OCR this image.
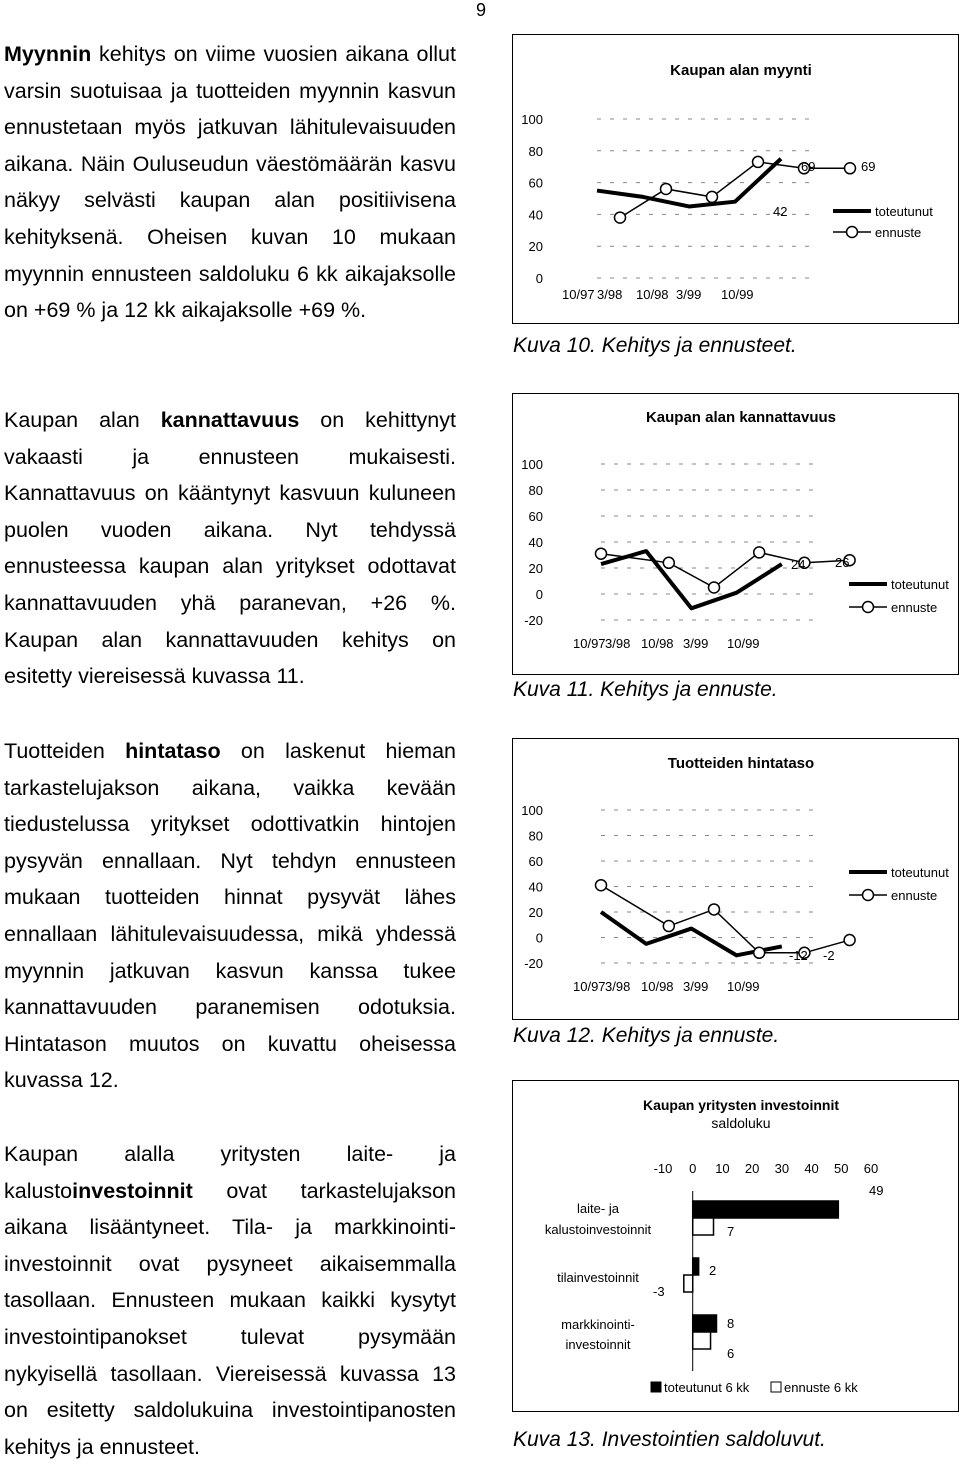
9

Myynnin kehitys on viime vuosien aikana ollut varsin suotuisaa ja tuotteiden myynnin kasvun ennustetaan myös jatkuvan lähitulevaisuuden aikana. Näin Ouluseudun väestömäärän kasvu näkyy selvästi kaupan alan positiivisena kehityksenä. Oheisen kuvan 10 mukaan myynnin ennusteen saldoluku 6 kk aikajaksolle on +69 % ja 12 kk aikajaksolle +69 %.

Kaupan alan kannattavuus on kehittynyt vakaasti ja ennusteen mukaisesti. Kannattavuus on kääntynyt kasvuun kuluneen puolen vuoden aikana. Nyt tehdyssä ennusteessa kaupan alan yritykset odottavat kannattavuuden yhä paranevan, +26 %. Kaupan alan kannattavuuden kehitys on esitetty viereisessä kuvassa 11.

Tuotteiden hintataso on laskenut hieman tarkastelujakson aikana, vaikka kevään tiedustelussa yritykset odottivatkin hintojen pysyvän ennallaan. Nyt tehdyn ennusteen mukaan tuotteiden hinnat pysyvät lähes ennallaan lähitulevaisuudessa, mikä yhdessä myynnin jatkuvan kasvun kanssa tukee kannattavuuden paranemisen odotuksia. Hintatason muutos on kuvattu oheisessa kuvassa 12.

Kaupan alalla yritysten laite- ja kalustoinvestoinnit ovat tarkastelujakson aikana lisääntyneet. Tila- ja markkinointi-investoinnit ovat pysyneet aikaisemmalla tasollaan. Ennusteen mukaan kaikki kysytyt investointipanokset tulevat pysymään nykyisellä tasollaan. Viereisessä kuvassa 13 on esitetty saldolukuina investointipanosten kehitys ja ennusteet.

Kaupan alan myynti
100
80
60
40
20
0
10/97 3/98 10/98 3/99 10/99
42
69	69
toteutunut
ennuste
Kuva 10. Kehitys ja ennusteet.
Kaupan alan kannattavuus
100
80
60
40
20
0
-20
10/97 3/98 10/98 3/99 10/99
24 26
toteutunut
ennuste
Kuva 11. Kehitys ja ennuste.
Tuotteiden hintataso
100
80
60
40
20
0
-20
10/97 3/98 10/98 3/99 10/99
-12 -2
toteutunut
ennuste
Kuva 12. Kehitys ja ennuste.
Kaupan yritysten investoinnit
saldoluku
-10 0 10 20 30 40 50 60
laite- ja
kalustoinvestoinnit
49
7
tilainvestoinnit	2
-3
markkinointi-
investoinnit
8
6
toteutunut 6 kk	ennuste 6 kk
Kuva 13. Investointien saldoluvut.
